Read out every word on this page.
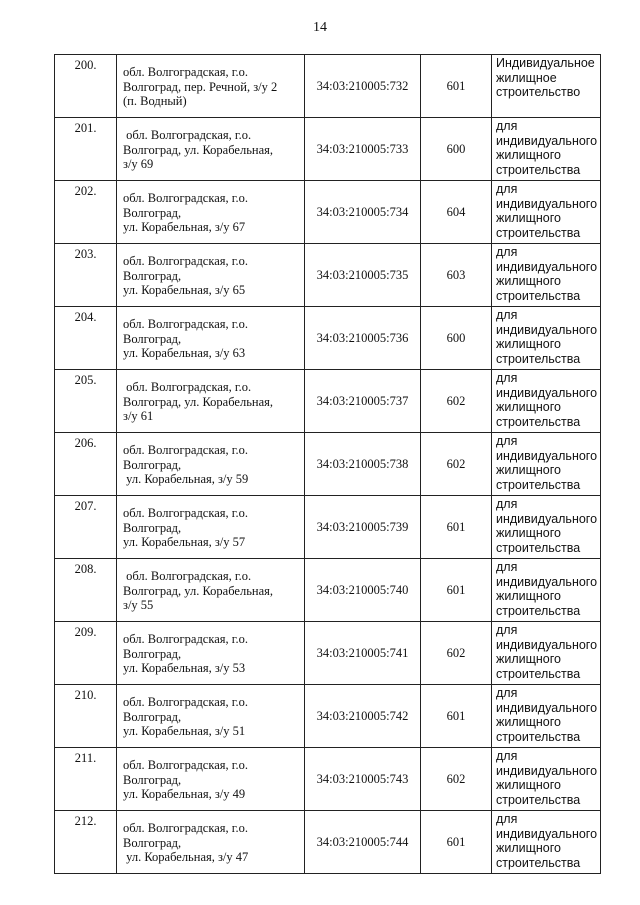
14
200.	обл. Волгоградская, г.о.
Волгоград, пер. Речной, з/у 2
(п. Водный)	34:03:210005:732	601	Индивидуальное
жилищное
строительство

201.	обл. Волгоградская, г.о.
Волгоград, ул. Корабельная,
з/у 69	34:03:210005:733	600	для
индивидуального
жилищного
строительства

202.	обл. Волгоградская, г.о.
Волгоград,
ул. Корабельная, з/у 67	34:03:210005:734	604	для
индивидуального
жилищного
строительства

203.	обл. Волгоградская, г.о.
Волгоград,
ул. Корабельная, з/у 65	34:03:210005:735	603	для
индивидуального
жилищного
строительства

204.	обл. Волгоградская, г.о.
Волгоград,
ул. Корабельная, з/у 63	34:03:210005:736	600	для
индивидуального
жилищного
строительства

205.	обл. Волгоградская, г.о.
Волгоград, ул. Корабельная,
з/у 61	34:03:210005:737	602	для
индивидуального
жилищного
строительства

206.	обл. Волгоградская, г.о.
Волгоград,
ул. Корабельная, з/у 59	34:03:210005:738	602	для
индивидуального
жилищного
строительства

207.	обл. Волгоградская, г.о.
Волгоград,
ул. Корабельная, з/у 57	34:03:210005:739	601	для
индивидуального
жилищного
строительства

208.	обл. Волгоградская, г.о.
Волгоград, ул. Корабельная,
з/у 55	34:03:210005:740	601	для
индивидуального
жилищного
строительства

209.	обл. Волгоградская, г.о.
Волгоград,
ул. Корабельная, з/у 53	34:03:210005:741	602	для
индивидуального
жилищного
строительства

210.	обл. Волгоградская, г.о.
Волгоград,
ул. Корабельная, з/у 51	34:03:210005:742	601	для
индивидуального
жилищного
строительства

211.	обл. Волгоградская, г.о.
Волгоград,
ул. Корабельная, з/у 49	34:03:210005:743	602	для
индивидуального
жилищного
строительства

212.	обл. Волгоградская, г.о.
Волгоград,
ул. Корабельная, з/у 47	34:03:210005:744	601	для
индивидуального
жилищного
строительства
